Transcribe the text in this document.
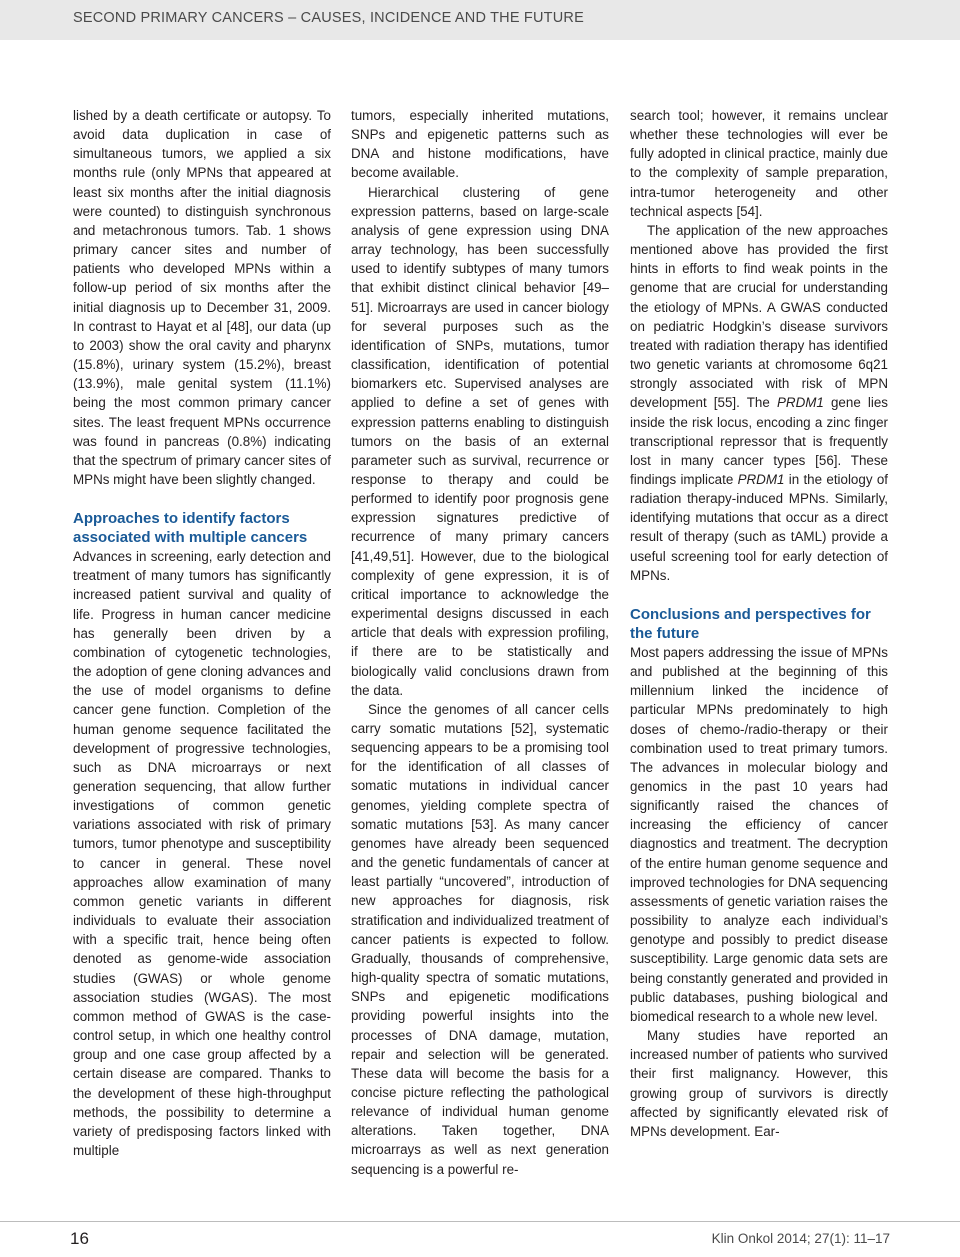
SECOND PRIMARY CANCERS – CAUSES, INCIDENCE AND THE FUTURE

lished by a death certificate or autopsy. To avoid data duplication in case of simultaneous tumors, we applied a six months rule (only MPNs that appeared at least six months after the initial diagnosis were counted) to distinguish synchronous and metachronous tumors. Tab. 1 shows primary cancer sites and number of patients who developed MPNs within a follow-up period of six months after the initial diagnosis up to December 31, 2009. In contrast to Hayat et al [48], our data (up to 2003) show the oral cavity and pharynx (15.8%), urinary system (15.2%), breast (13.9%), male genital system (11.1%) being the most common primary cancer sites. The least frequent MPNs occurrence was found in pancreas (0.8%) indicating that the spectrum of primary cancer sites of MPNs might have been slightly changed.

Approaches to identify factors associated with multiple cancers

Advances in screening, early detection and treatment of many tumors has significantly increased patient survival and quality of life. Progress in human cancer medicine has generally been driven by a combination of cytogenetic technologies, the adoption of gene cloning advances and the use of model organisms to define cancer gene function. Completion of the human genome sequence facilitated the development of progressive technologies, such as DNA microarrays or next generation sequencing, that allow further investigations of common genetic variations associated with risk of primary tumors, tumor phenotype and susceptibility to cancer in general. These novel approaches allow examination of many common genetic variants in different individuals to evaluate their association with a specific trait, hence being often denoted as genome-wide association studies (GWAS) or whole genome association studies (WGAS). The most common method of GWAS is the case-control setup, in which one healthy control group and one case group affected by a certain disease are compared. Thanks to the development of these high-throughput methods, the possibility to determine a variety of predisposing factors linked with multiple

tumors, especially inherited mutations, SNPs and epigenetic patterns such as DNA and histone modifications, have become available.

Hierarchical clustering of gene expression patterns, based on large-scale analysis of gene expression using DNA array technology, has been successfully used to identify subtypes of many tumors that exhibit distinct clinical behavior [49–51]. Microarrays are used in cancer biology for several purposes such as the identification of SNPs, mutations, tumor classification, identification of potential biomarkers etc. Supervised analyses are applied to define a set of genes with expression patterns enabling to distinguish tumors on the basis of an external parameter such as survival, recurrence or response to therapy and could be performed to identify poor prognosis gene expression signatures predictive of recurrence of many primary cancers [41,49,51]. However, due to the biological complexity of gene expression, it is of critical importance to acknowledge the experimental designs discussed in each article that deals with expression profiling, if there are to be statistically and biologically valid conclusions drawn from the data.

Since the genomes of all cancer cells carry somatic mutations [52], systematic sequencing appears to be a promising tool for the identification of all classes of somatic mutations in individual cancer genomes, yielding complete spectra of somatic mutations [53]. As many cancer genomes have already been sequenced and the genetic fundamentals of cancer at least partially “uncovered”, introduction of new approaches for diagnosis, risk stratification and individualized treatment of cancer patients is expected to follow. Gradually, thousands of comprehensive, high-quality spectra of somatic mutations, SNPs and epigenetic modifications providing powerful insights into the processes of DNA damage, mutation, repair and selection will be generated. These data will become the basis for a concise picture reflecting the pathological relevance of individual human genome alterations. Taken together, DNA microarrays as well as next generation sequencing is a powerful re-

search tool; however, it remains unclear whether these technologies will ever be fully adopted in clinical practice, mainly due to the complexity of sample preparation, intra-tumor heterogeneity and other technical aspects [54].

The application of the new approaches mentioned above has provided the first hints in efforts to find weak points in the genome that are crucial for understanding the etiology of MPNs. A GWAS conducted on pediatric Hodgkin’s disease survivors treated with radiation therapy has identified two genetic variants at chromosome 6q21 strongly associated with risk of MPN development [55]. The PRDM1 gene lies inside the risk locus, encoding a zinc finger transcriptional repressor that is frequently lost in many cancer types [56]. These findings implicate PRDM1 in the etiology of radiation therapy-induced MPNs. Similarly, identifying mutations that occur as a direct result of therapy (such as tAML) provide a useful screening tool for early detection of MPNs.

Conclusions and perspectives for the future

Most papers addressing the issue of MPNs and published at the beginning of this millennium linked the incidence of particular MPNs predominately to high doses of chemo-/radio-therapy or their combination used to treat primary tumors. The advances in molecular biology and genomics in the past 10 years had significantly raised the chances of increasing the efficiency of cancer diagnostics and treatment. The decryption of the entire human genome sequence and improved technologies for DNA sequencing assessments of genetic variation raises the possibility to analyze each individual’s genotype and possibly to predict disease susceptibility. Large genomic data sets are being constantly generated and provided in public databases, pushing biological and biomedical research to a whole new level.

Many studies have reported an increased number of patients who survived their first malignancy. However, this growing group of survivors is directly affected by significantly elevated risk of MPNs development. Ear-

16	Klin Onkol 2014; 27(1): 11–17
